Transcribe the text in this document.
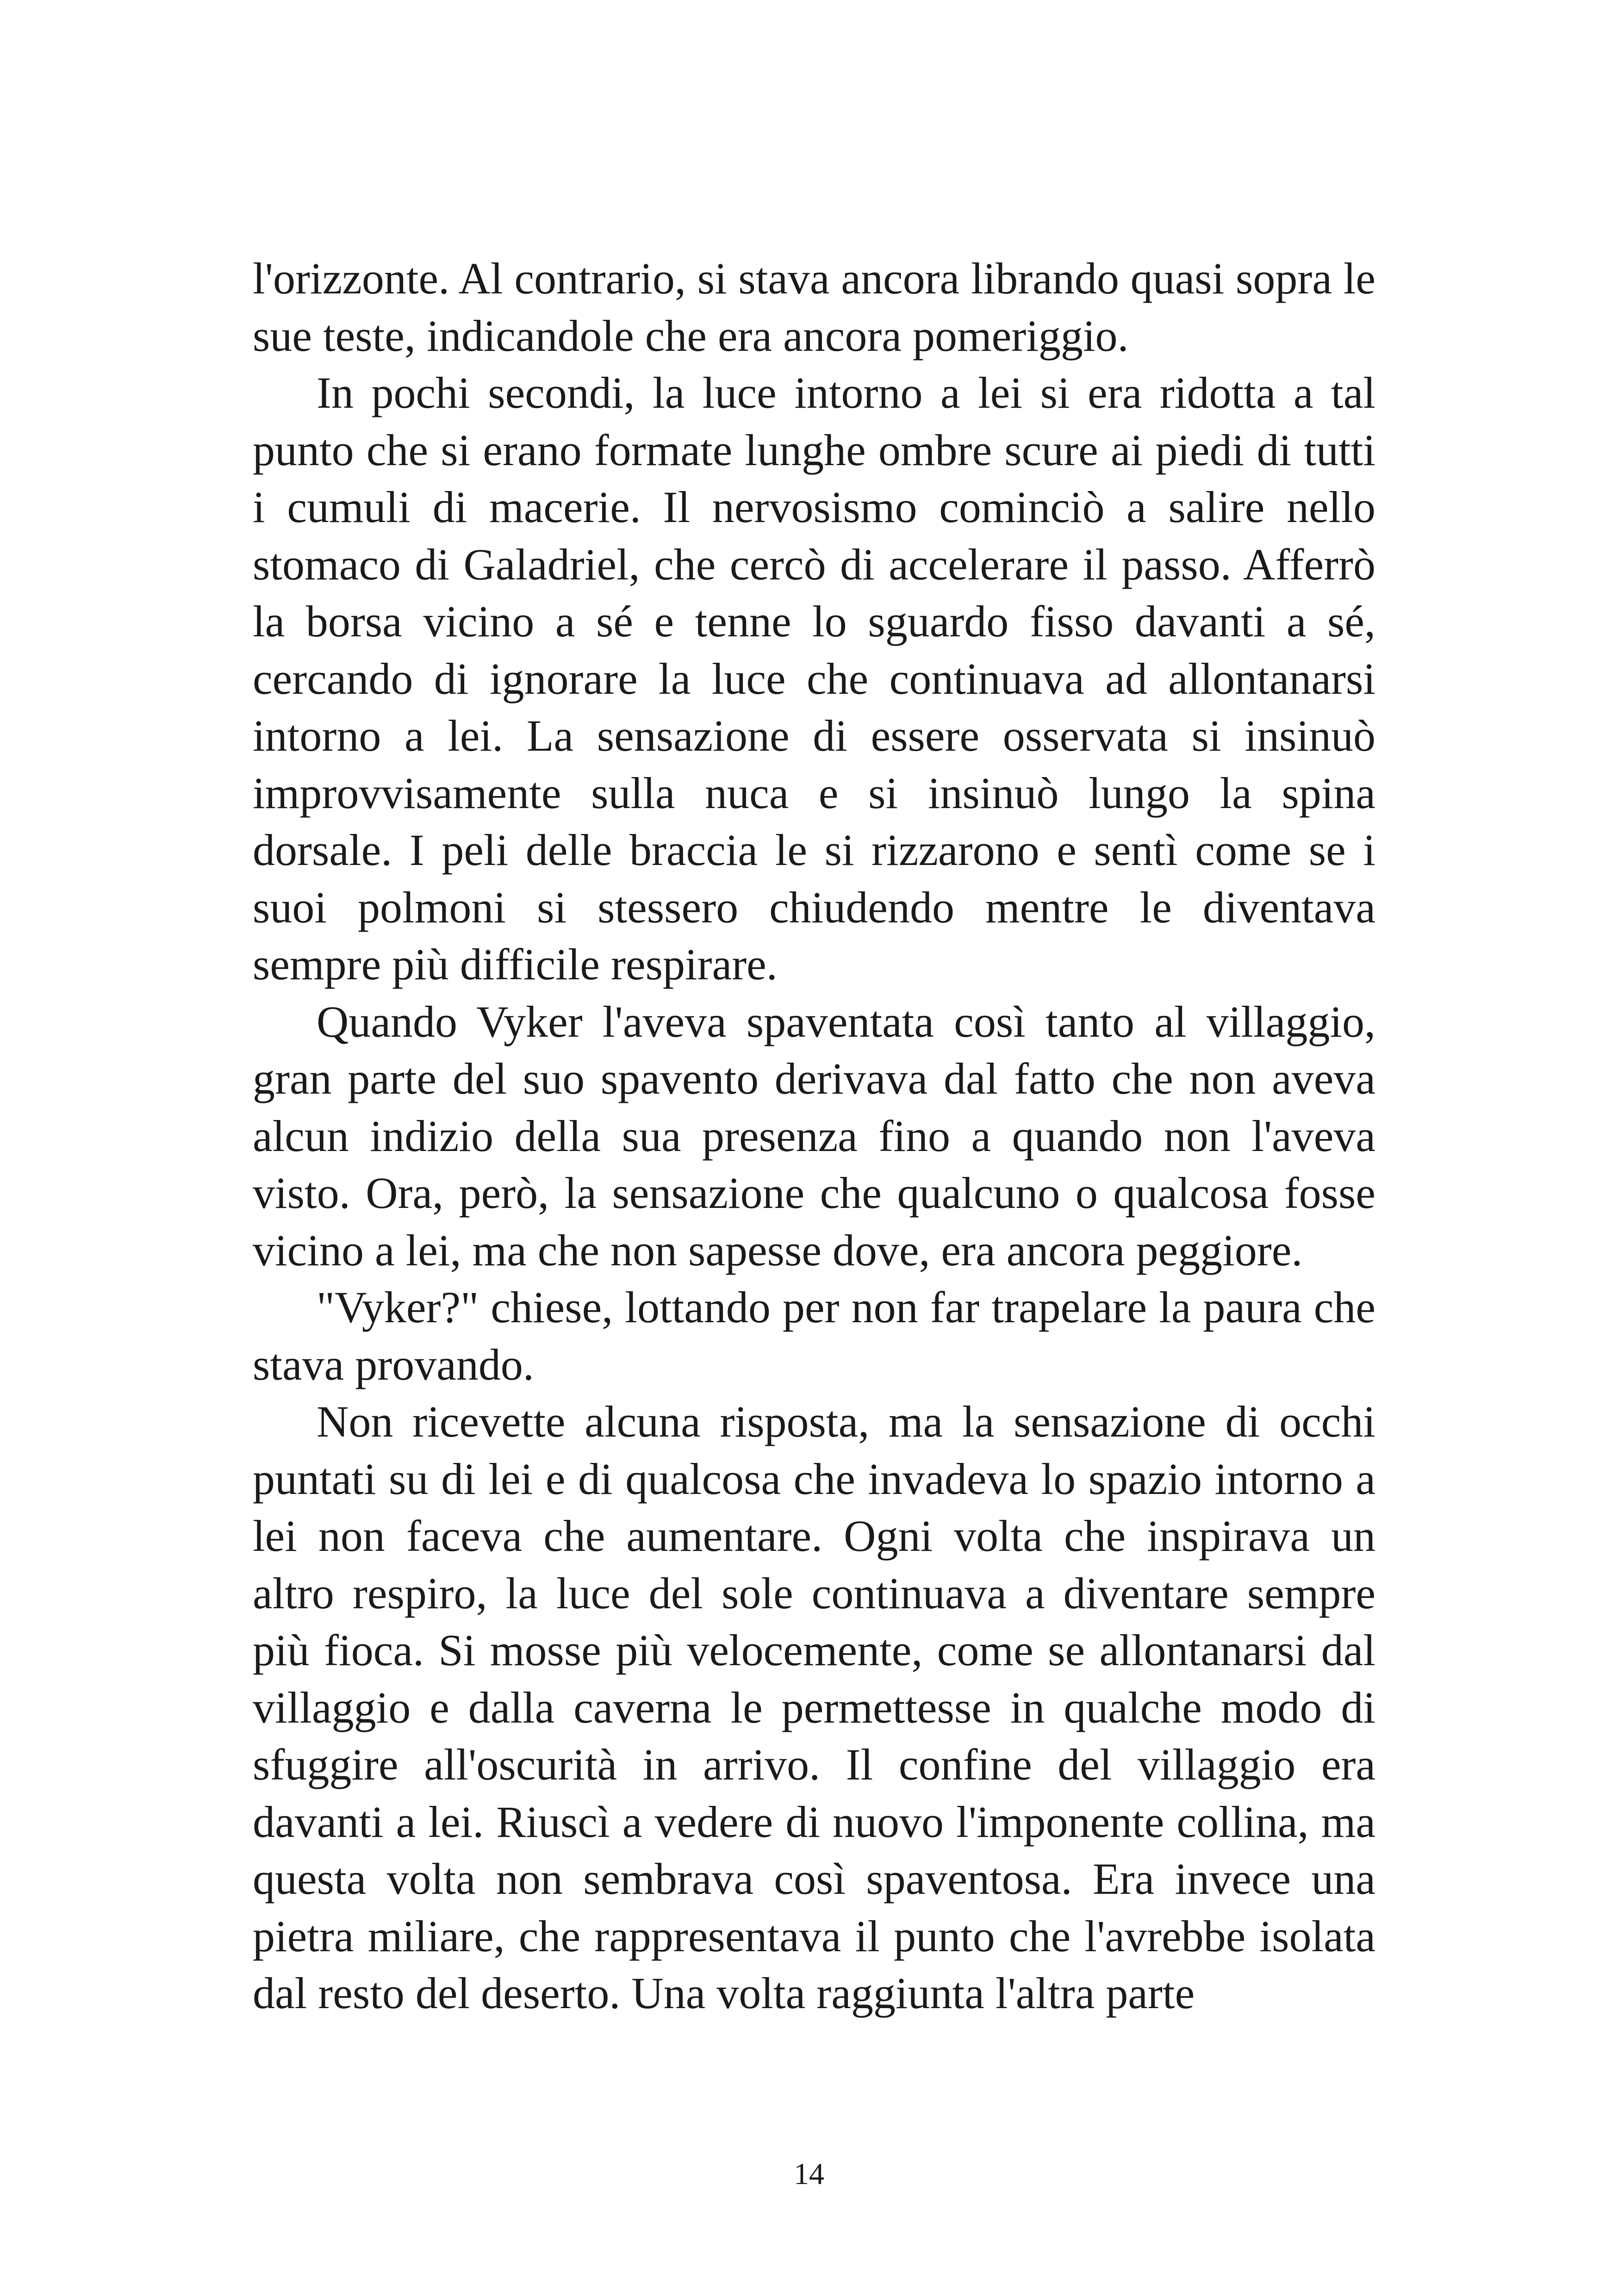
l'orizzonte. Al contrario, si stava ancora librando quasi sopra le sue teste, indicandole che era ancora pomeriggio.

In pochi secondi, la luce intorno a lei si era ridotta a tal punto che si erano formate lunghe ombre scure ai piedi di tutti i cumuli di macerie. Il nervosismo cominciò a salire nello stomaco di Galadriel, che cercò di accelerare il passo. Afferrò la borsa vicino a sé e tenne lo sguardo fisso davanti a sé, cercando di ignorare la luce che continuava ad allontanarsi intorno a lei. La sensazione di essere osservata si insinuò improvvisamente sulla nuca e si insinuò lungo la spina dorsale. I peli delle braccia le si rizzarono e sentì come se i suoi polmoni si stessero chiudendo mentre le diventava sempre più difficile respirare.

Quando Vyker l'aveva spaventata così tanto al villaggio, gran parte del suo spavento derivava dal fatto che non aveva alcun indizio della sua presenza fino a quando non l'aveva visto. Ora, però, la sensazione che qualcuno o qualcosa fosse vicino a lei, ma che non sapesse dove, era ancora peggiore.

"Vyker?" chiese, lottando per non far trapelare la paura che stava provando.

Non ricevette alcuna risposta, ma la sensazione di occhi puntati su di lei e di qualcosa che invadeva lo spazio intorno a lei non faceva che aumentare. Ogni volta che inspirava un altro respiro, la luce del sole continuava a diventare sempre più fioca. Si mosse più velocemente, come se allontanarsi dal villaggio e dalla caverna le permettesse in qualche modo di sfuggire all'oscurità in arrivo. Il confine del villaggio era davanti a lei. Riuscì a vedere di nuovo l'imponente collina, ma questa volta non sembrava così spaventosa. Era invece una pietra miliare, che rappresentava il punto che l'avrebbe isolata dal resto del deserto. Una volta raggiunta l'altra parte

14
